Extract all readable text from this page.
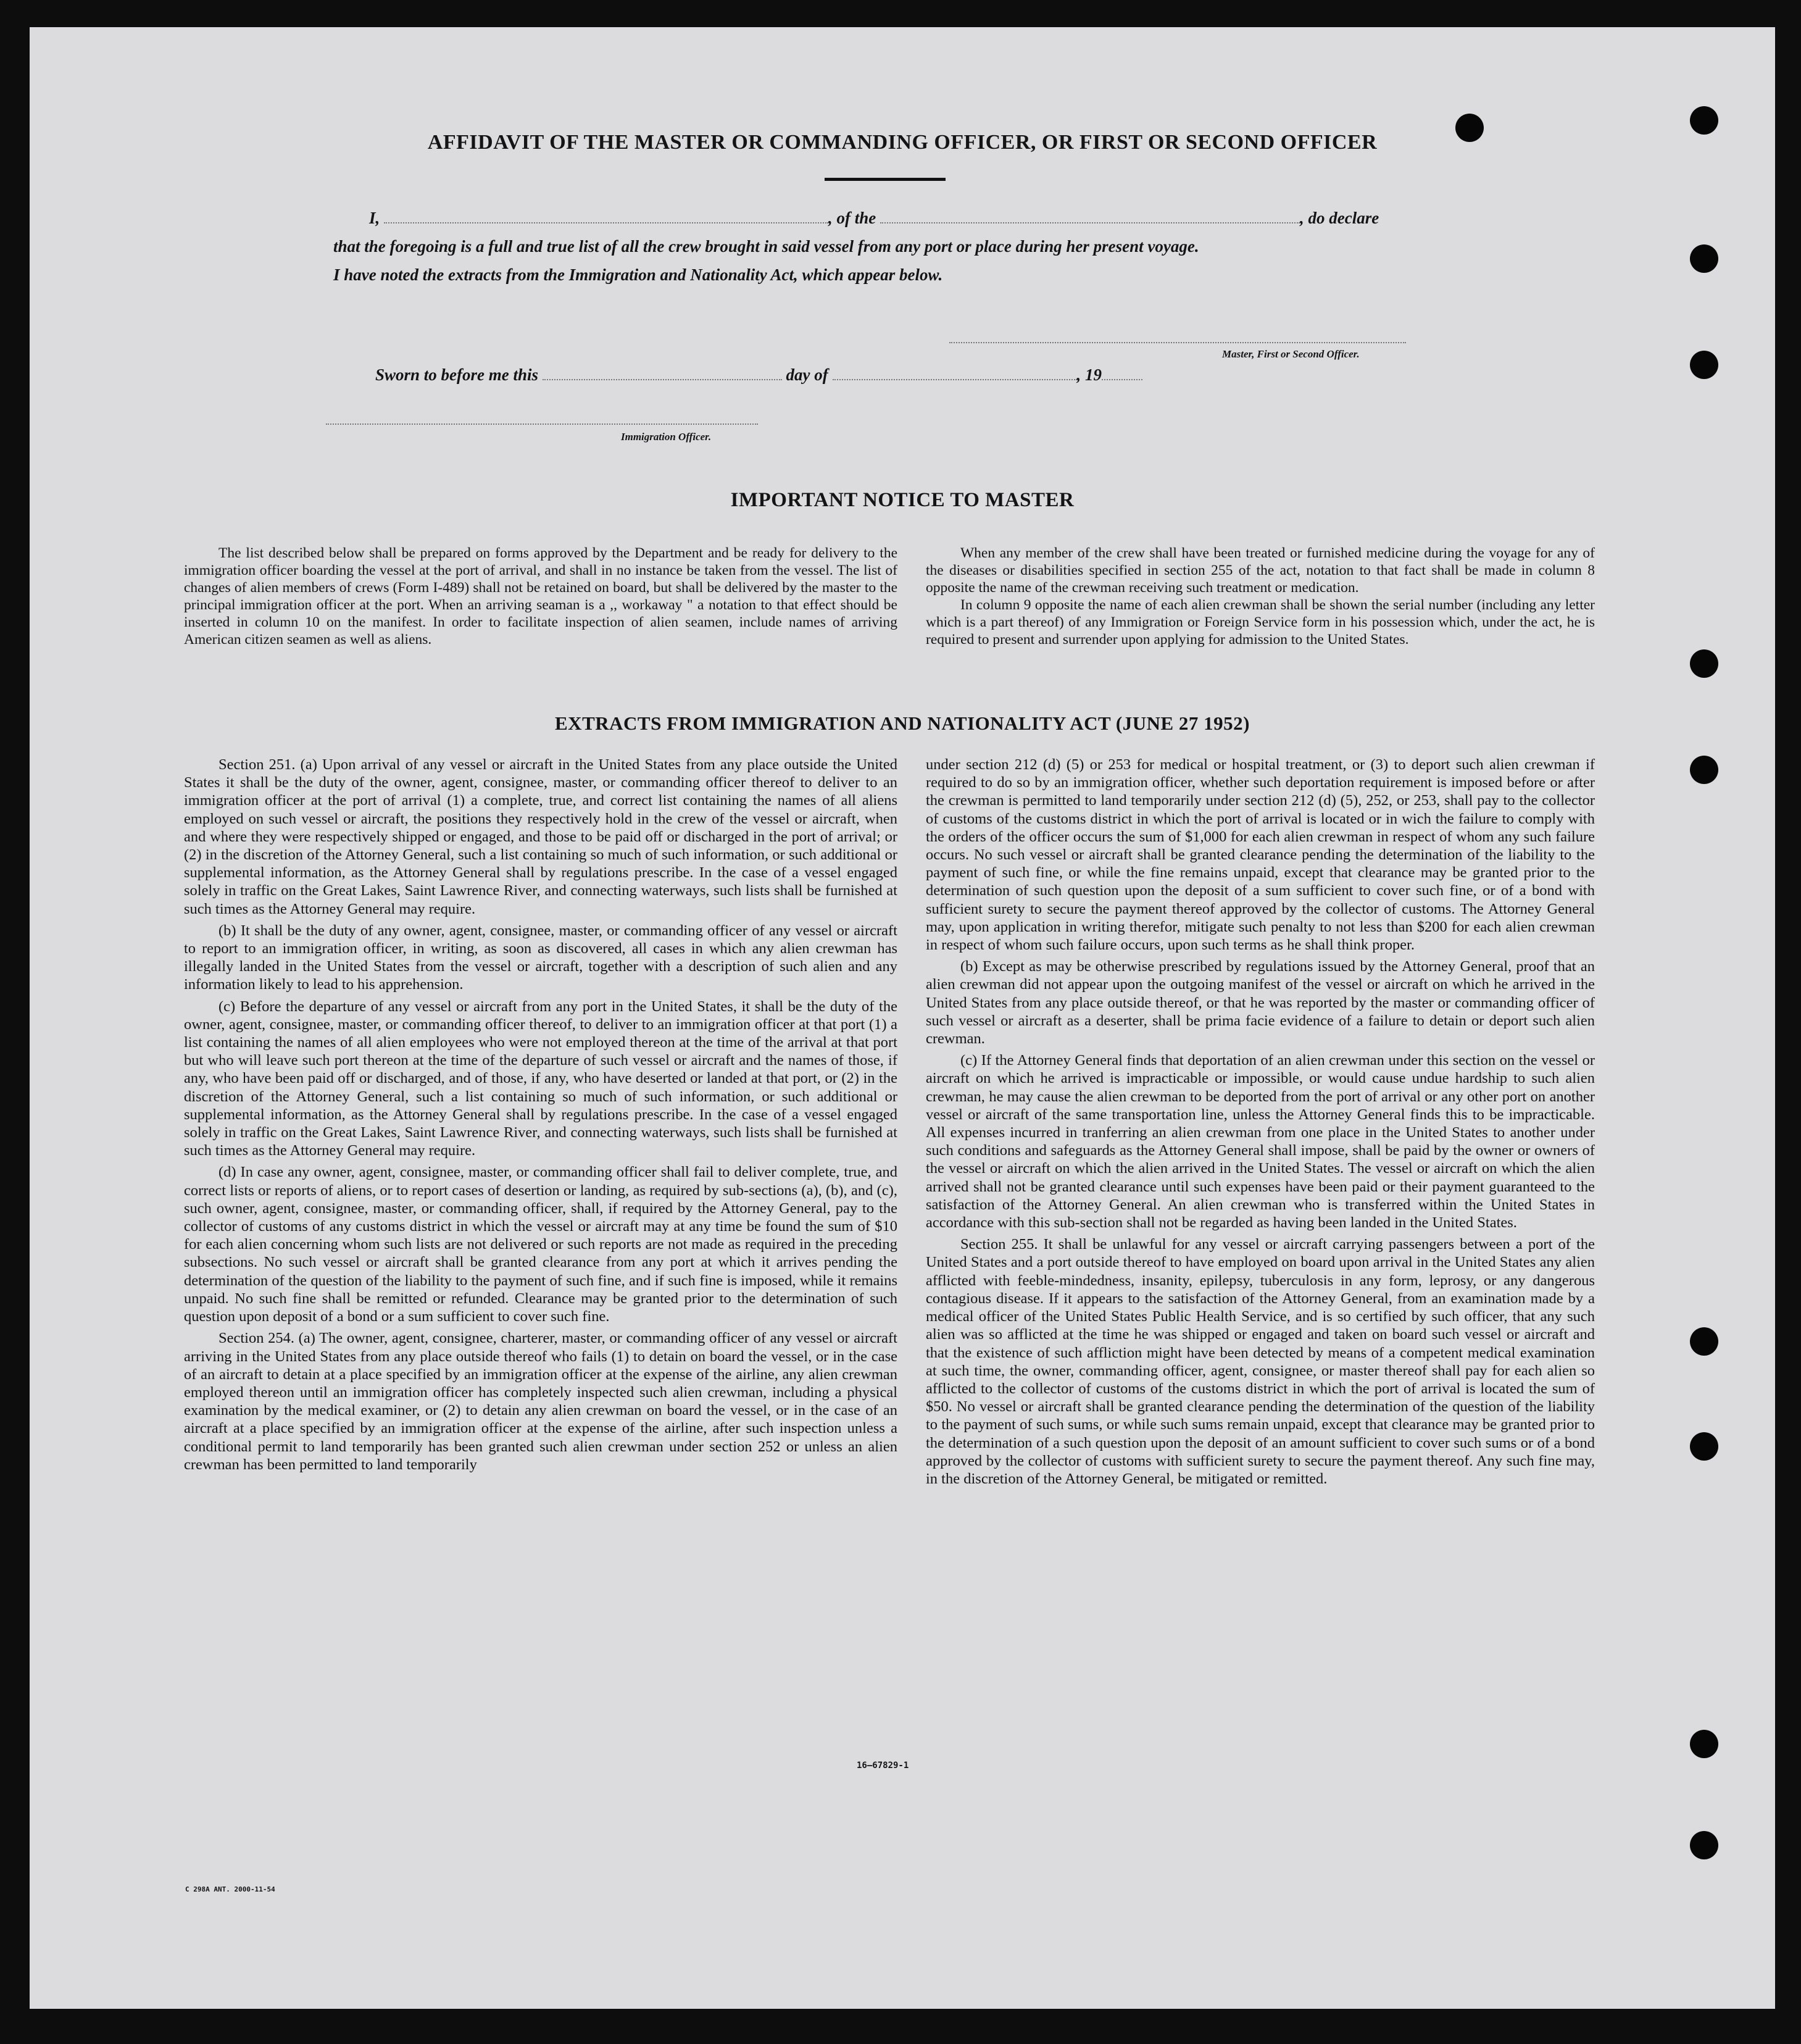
AFFIDAVIT OF THE MASTER OR COMMANDING OFFICER, OR FIRST OR SECOND OFFICER
I,	, of the	, do declare
that the foregoing is a full and true list of all the crew brought in said vessel from any port or place during her present voyage.
I have noted the extracts from the Immigration and Nationality Act, which appear below.
Master, First or Second Officer.
Sworn to before me this	day of	, 19
Immigration Officer.
IMPORTANT NOTICE TO MASTER

The list described below shall be prepared on forms approved by the Department and be ready for delivery to the immigration officer boarding the vessel at the port of arrival, and shall in no instance be taken from the vessel. The list of changes of alien members of crews (Form I-489) shall not be retained on board, but shall be delivered by the master to the principal immigration officer at the port. When an arriving seaman is a ,, workaway " a notation to that effect should be inserted in column 10 on the manifest. In order to facilitate inspection of alien seamen, include names of arriving American citizen seamen as well as aliens.

When any member of the crew shall have been treated or furnished medicine during the voyage for any of the diseases or disabilities specified in section 255 of the act, notation to that fact shall be made in column 8 opposite the name of the crewman receiving such treatment or medication.

In column 9 opposite the name of each alien crewman shall be shown the serial number (including any letter which is a part thereof) of any Immigration or Foreign Service form in his possession which, under the act, he is required to present and surrender upon applying for admission to the United States.

EXTRACTS FROM IMMIGRATION AND NATIONALITY ACT (JUNE 27 1952)

Section 251. (a) Upon arrival of any vessel or aircraft in the United States from any place outside the United States it shall be the duty of the owner, agent, consignee, master, or commanding officer thereof to deliver to an immigration officer at the port of arrival (1) a complete, true, and correct list containing the names of all aliens employed on such vessel or aircraft, the positions they respectively hold in the crew of the vessel or aircraft, when and where they were respectively shipped or engaged, and those to be paid off or discharged in the port of arrival; or (2) in the discretion of the Attorney General, such a list containing so much of such information, or such additional or supplemental information, as the Attorney General shall by regulations prescribe. In the case of a vessel engaged solely in traffic on the Great Lakes, Saint Lawrence River, and connecting waterways, such lists shall be furnished at such times as the Attorney General may require.

(b) It shall be the duty of any owner, agent, consignee, master, or commanding officer of any vessel or aircraft to report to an immigration officer, in writing, as soon as discovered, all cases in which any alien crewman has illegally landed in the United States from the vessel or aircraft, together with a description of such alien and any information likely to lead to his apprehension.

(c) Before the departure of any vessel or aircraft from any port in the United States, it shall be the duty of the owner, agent, consignee, master, or commanding officer thereof, to deliver to an immigration officer at that port (1) a list containing the names of all alien employees who were not employed thereon at the time of the arrival at that port but who will leave such port thereon at the time of the departure of such vessel or aircraft and the names of those, if any, who have been paid off or discharged, and of those, if any, who have deserted or landed at that port, or (2) in the discretion of the Attorney General, such a list containing so much of such information, or such additional or supplemental information, as the Attorney General shall by regulations prescribe. In the case of a vessel engaged solely in traffic on the Great Lakes, Saint Lawrence River, and connecting waterways, such lists shall be furnished at such times as the Attorney General may require.

(d) In case any owner, agent, consignee, master, or commanding officer shall fail to deliver complete, true, and correct lists or reports of aliens, or to report cases of desertion or landing, as required by sub-sections (a), (b), and (c), such owner, agent, consignee, master, or commanding officer, shall, if required by the Attorney General, pay to the collector of customs of any customs district in which the vessel or aircraft may at any time be found the sum of $10 for each alien concerning whom such lists are not delivered or such reports are not made as required in the preceding subsections. No such vessel or aircraft shall be granted clearance from any port at which it arrives pending the determination of the question of the liability to the payment of such fine, and if such fine is imposed, while it remains unpaid. No such fine shall be remitted or refunded. Clearance may be granted prior to the determination of such question upon deposit of a bond or a sum sufficient to cover such fine.

Section 254. (a) The owner, agent, consignee, charterer, master, or commanding officer of any vessel or aircraft arriving in the United States from any place outside thereof who fails (1) to detain on board the vessel, or in the case of an aircraft to detain at a place specified by an immigration officer at the expense of the airline, any alien crewman employed thereon until an immigration officer has completely inspected such alien crewman, including a physical examination by the medical examiner, or (2) to detain any alien crewman on board the vessel, or in the case of an aircraft at a place specified by an immigration officer at the expense of the airline, after such inspection unless a conditional permit to land temporarily has been granted such alien crewman under section 252 or unless an alien crewman has been permitted to land temporarily

under section 212 (d) (5) or 253 for medical or hospital treatment, or (3) to deport such alien crewman if required to do so by an immigration officer, whether such deportation requirement is imposed before or after the crewman is permitted to land temporarily under section 212 (d) (5), 252, or 253, shall pay to the collector of customs of the customs district in which the port of arrival is located or in wich the failure to comply with the orders of the officer occurs the sum of $1,000 for each alien crewman in respect of whom any such failure occurs. No such vessel or aircraft shall be granted clearance pending the determination of the liability to the payment of such fine, or while the fine remains unpaid, except that clearance may be granted prior to the determination of such question upon the deposit of a sum sufficient to cover such fine, or of a bond with sufficient surety to secure the payment thereof approved by the collector of customs. The Attorney General may, upon application in writing therefor, mitigate such penalty to not less than $200 for each alien crewman in respect of whom such failure occurs, upon such terms as he shall think proper.

(b) Except as may be otherwise prescribed by regulations issued by the Attorney General, proof that an alien crewman did not appear upon the outgoing manifest of the vessel or aircraft on which he arrived in the United States from any place outside thereof, or that he was reported by the master or commanding officer of such vessel or aircraft as a deserter, shall be prima facie evidence of a failure to detain or deport such alien crewman.

(c) If the Attorney General finds that deportation of an alien crewman under this section on the vessel or aircraft on which he arrived is impracticable or impossible, or would cause undue hardship to such alien crewman, he may cause the alien crewman to be deported from the port of arrival or any other port on another vessel or aircraft of the same transportation line, unless the Attorney General finds this to be impracticable. All expenses incurred in tranferring an alien crewman from one place in the United States to another under such conditions and safeguards as the Attorney General shall impose, shall be paid by the owner or owners of the vessel or aircraft on which the alien arrived in the United States. The vessel or aircraft on which the alien arrived shall not be granted clearance until such expenses have been paid or their payment guaranteed to the satisfaction of the Attorney General. An alien crewman who is transferred within the United States in accordance with this sub-section shall not be regarded as having been landed in the United States.

Section 255. It shall be unlawful for any vessel or aircraft carrying passengers between a port of the United States and a port outside thereof to have employed on board upon arrival in the United States any alien afflicted with feeble-mindedness, insanity, epilepsy, tuberculosis in any form, leprosy, or any dangerous contagious disease. If it appears to the satisfaction of the Attorney General, from an examination made by a medical officer of the United States Public Health Service, and is so certified by such officer, that any such alien was so afflicted at the time he was shipped or engaged and taken on board such vessel or aircraft and that the existence of such affliction might have been detected by means of a competent medical examination at such time, the owner, commanding officer, agent, consignee, or master thereof shall pay for each alien so afflicted to the collector of customs of the customs district in which the port of arrival is located the sum of $50. No vessel or aircraft shall be granted clearance pending the determination of the question of the liability to the payment of such sums, or while such sums remain unpaid, except that clearance may be granted prior to the determination of a such question upon the deposit of an amount sufficient to cover such sums or of a bond approved by the collector of customs with sufficient surety to secure the payment thereof. Any such fine may, in the discretion of the Attorney General, be mitigated or remitted.

16—67829-1
C 298A ANT. 2000-11-54
